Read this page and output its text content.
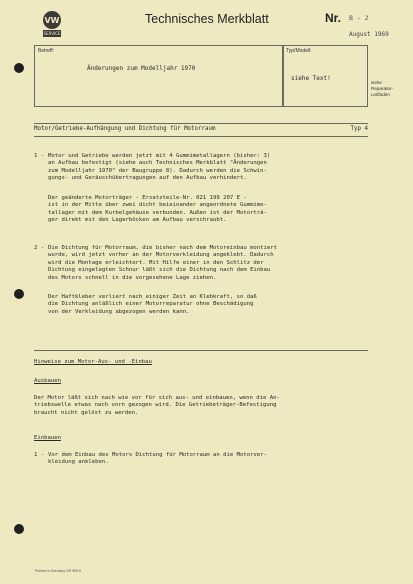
VW
SERVICE
Technisches Merkblatt	Nr. B - 2
August 1969
Betreff:
Änderungen zum Modelljahr 1970
Typ/Modell:
siehe Text!
siehe
Reparatur-
Leitfaden
Motor/Getriebe-Aufhängung und Dichtung für Motorraum	Typ 4
1 - Motor und Getriebe werden jetzt mit 4 Gummimetallagern (bisher: 3)
an Aufbau befestigt (siehe auch Technisches Merkblatt "Änderungen
zum Modelljahr 1970" der Baugruppe 8). Dadurch werden die Schwin-
gungs- und Geräuschübertragungen auf den Aufbau verhindert.
Der geänderte Motorträger - Ersatzteile-Nr. 021 199 207 E -
ist in der Mitte über zwei dicht beieinander angeordnete Gummime-
tallager mit dem Kurbelgehäuse verbunden. Außen ist der Motorträ-
ger direkt mit den Lagerböcken am Aufbau verschraubt.
2 - Die Dichtung für Motorraum, die bisher nach dem Motoreinbau montiert
wurde, wird jetzt vorher an der Motorverkleidung angeklebt. Dadurch
wird die Montage erleichtert. Mit Hilfe einer in den Schlitz der
Dichtung eingelegten Schnur läßt sich die Dichtung nach dem Einbau
des Motors schnell in die vorgesehene Lage ziehen.
Der Haftkleber verliert nach einiger Zeit an Klebkraft, so daß
die Dichtung anläßlich einer Motorreparatur ohne Beschädigung
von der Verkleidung abgezogen werden kann.
Hinweise zum Motor-Aus- und -Einbau
Ausbauen
Der Motor läßt sich nach wie vor für sich aus- und einbauen, wenn die An-
triebswelle etwas nach vorn gezogen wird. Die Getriebeträger-Befestigung
braucht nicht gelöst zu werden.
Einbauen
1 - Vor dem Einbau des Motors Dichtung für Motorraum an die Motorver-
kleidung ankleben.
Printed in Germany DR 969.8
